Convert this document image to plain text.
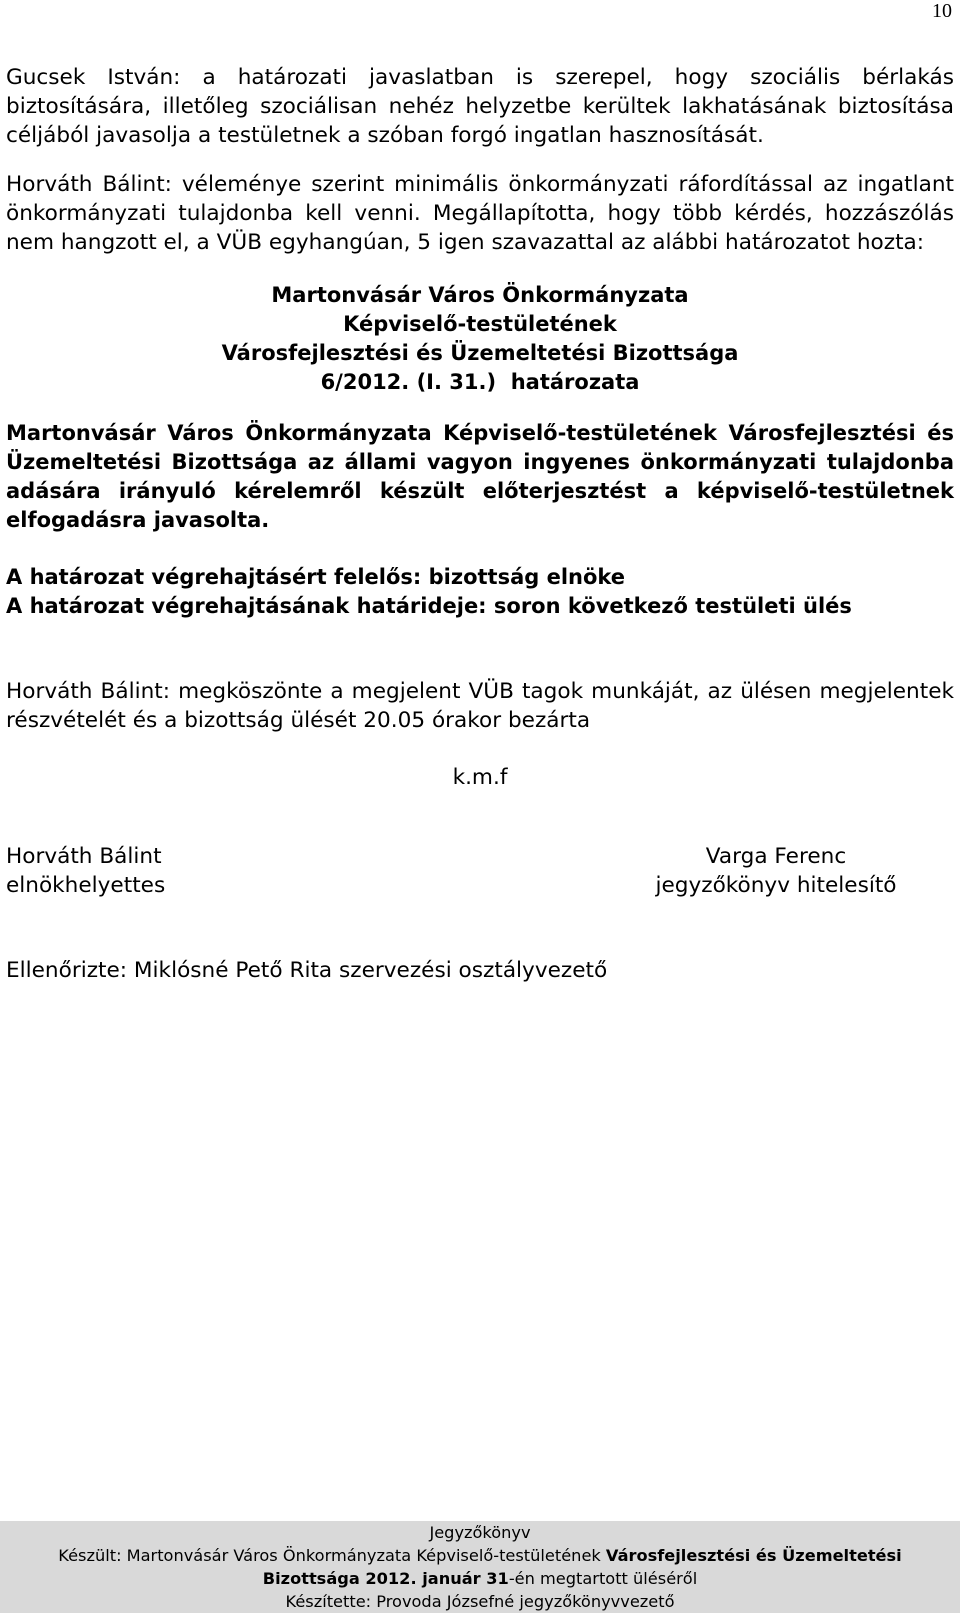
10

Gucsek István: a határozati javaslatban is szerepel, hogy szociális bérlakás biztosítására, illetőleg szociálisan nehéz helyzetbe kerültek lakhatásának biztosítása céljából javasolja a testületnek a szóban forgó ingatlan hasznosítását.

Horváth Bálint: véleménye szerint minimális önkormányzati ráfordítással az ingatlant önkormányzati tulajdonba kell venni. Megállapította, hogy több kérdés, hozzászólás nem hangzott el, a VÜB egyhangúan, 5 igen szavazattal az alábbi határozatot hozta:

Martonvásár Város Önkormányzata
Képviselő-testületének
Városfejlesztési és Üzemeltetési Bizottsága
6/2012. (I. 31.)  határozata

Martonvásár Város Önkormányzata Képviselő-testületének Városfejlesztési és Üzemeltetési Bizottsága az állami vagyon ingyenes önkormányzati tulajdonba adására irányuló kérelemről készült előterjesztést a képviselő-testületnek elfogadásra javasolta.

A határozat végrehajtásért felelős: bizottság elnöke

A határozat végrehajtásának határideje: soron következő testületi ülés

Horváth Bálint: megköszönte a megjelent VÜB tagok munkáját, az ülésen megjelentek részvételét és a bizottság ülését 20.05 órakor bezárta

k.m.f
Horváth Bálint
elnökhelyettes
Varga Ferenc
jegyzőkönyv hitelesítő

Ellenőrizte: Miklósné Pető Rita szervezési osztályvezető

Jegyzőkönyv
Készült: Martonvásár Város Önkormányzata Képviselő-testületének Városfejlesztési és Üzemeltetési
Bizottsága 2012. január 31-én megtartott üléséről
Készítette: Provoda Józsefné jegyzőkönyvvezető
